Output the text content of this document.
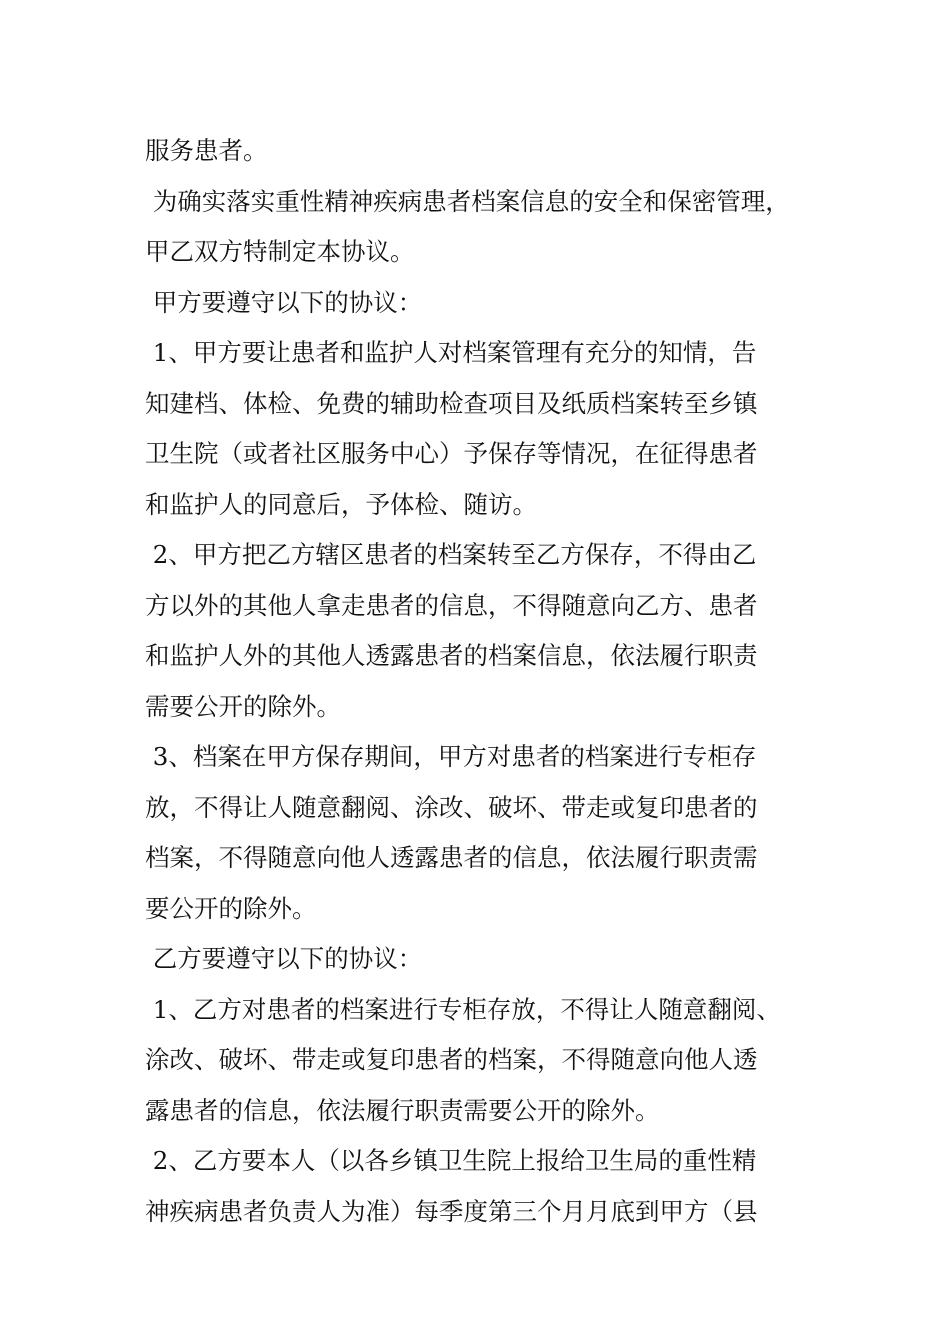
服务患者。
为确实落实重性精神疾病患者档案信息的安全和保密管理，
甲乙双方特制定本协议。
甲方要遵守以下的协议：
1、甲方要让患者和监护人对档案管理有充分的知情，告
知建档、体检、免费的辅助检查项目及纸质档案转至乡镇
卫生院（或者社区服务中心）予保存等情况，在征得患者
和监护人的同意后，予体检、随访。
2、甲方把乙方辖区患者的档案转至乙方保存，不得由乙
方以外的其他人拿走患者的信息，不得随意向乙方、患者
和监护人外的其他人透露患者的档案信息，依法履行职责
需要公开的除外。
3、档案在甲方保存期间，甲方对患者的档案进行专柜存
放，不得让人随意翻阅、涂改、破坏、带走或复印患者的
档案，不得随意向他人透露患者的信息，依法履行职责需
要公开的除外。
乙方要遵守以下的协议：
1、乙方对患者的档案进行专柜存放，不得让人随意翻阅、
涂改、破坏、带走或复印患者的档案，不得随意向他人透
露患者的信息，依法履行职责需要公开的除外。
2、乙方要本人（以各乡镇卫生院上报给卫生局的重性精
神疾病患者负责人为准）每季度第三个月月底到甲方（县
